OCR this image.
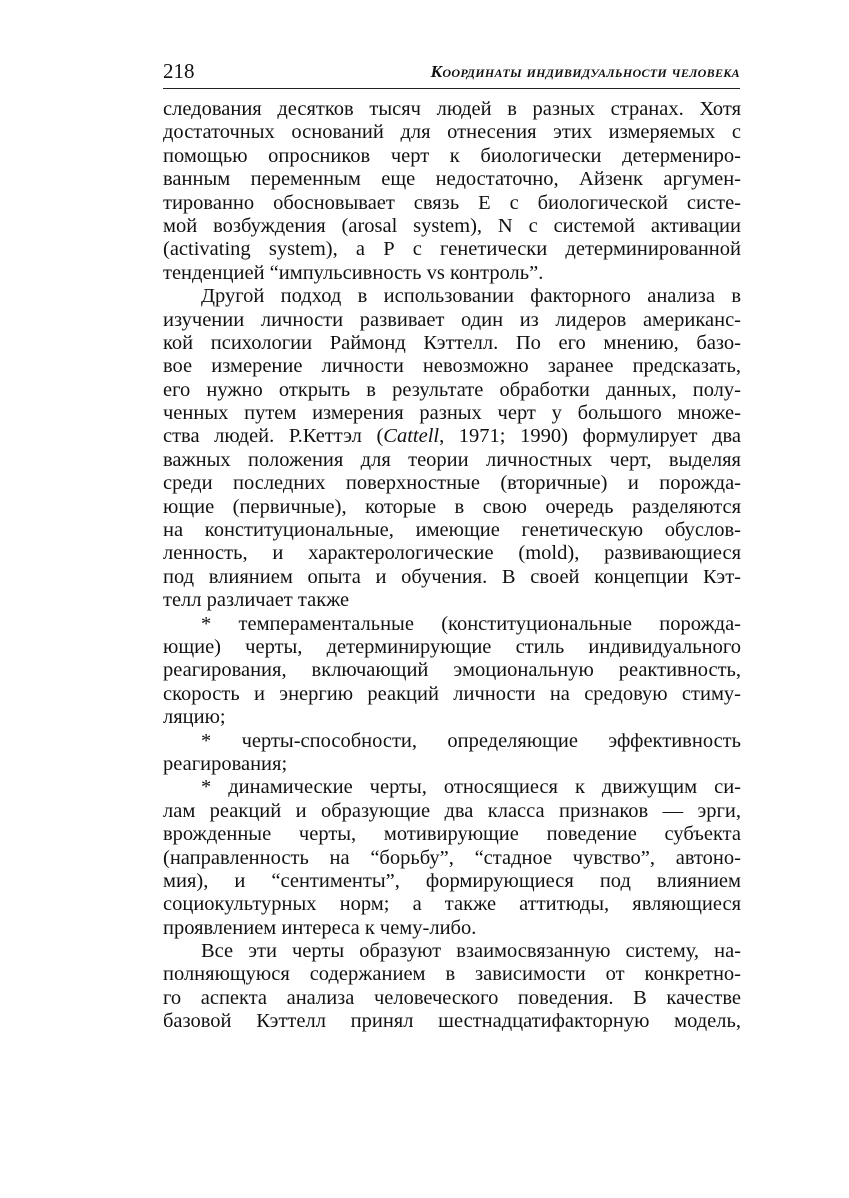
218	Координаты индивидуальности человека
следования десятков тысяч людей в разных странах. Хотя
достаточных оснований для отнесения этих измеряемых с
помощью опросников черт к биологически детермениро-
ванным переменным еще недостаточно, Айзенк аргумен-
тированно обосновывает связь Е с биологической систе-
мой возбуждения (arosal system), N с системой активации
(activating system), а Р с генетически детерминированной
тенденцией “импульсивность vs контроль”.
Другой подход в использовании факторного анализа в
изучении личности развивает один из лидеров американс-
кой психологии Раймонд Кэттелл. По его мнению, базо-
вое измерение личности невозможно заранее предсказать,
его нужно открыть в результате обработки данных, полу-
ченных путем измерения разных черт у большого множе-
ства людей. Р.Кеттэл (Cattell, 1971; 1990) формулирует два
важных положения для теории личностных черт, выделяя
среди последних поверхностные (вторичные) и порожда-
ющие (первичные), которые в свою очередь разделяются
на конституциональные, имеющие генетическую обуслов-
ленность, и характерологические (mold), развивающиеся
под влиянием опыта и обучения. В своей концепции Кэт-
телл различает также
* темпераментальные (конституциональные порожда-
ющие) черты, детерминирующие стиль индивидуального
реагирования, включающий эмоциональную реактивность,
скорость и энергию реакций личности на средовую стиму-
ляцию;
* черты-способности, определяющие эффективность
реагирования;
* динамические черты, относящиеся к движущим си-
лам реакций и образующие два класса признаков — эрги,
врожденные черты, мотивирующие поведение субъекта
(направленность на “борьбу”, “стадное чувство”, автоно-
мия), и “сентименты”, формирующиеся под влиянием
социокультурных норм; а также аттитюды, являющиеся
проявлением интереса к чему-либо.
Все эти черты образуют взаимосвязанную систему, на-
полняющуюся содержанием в зависимости от конкретно-
го аспекта анализа человеческого поведения. В качестве
базовой Кэттелл принял шестнадцатифакторную модель,
